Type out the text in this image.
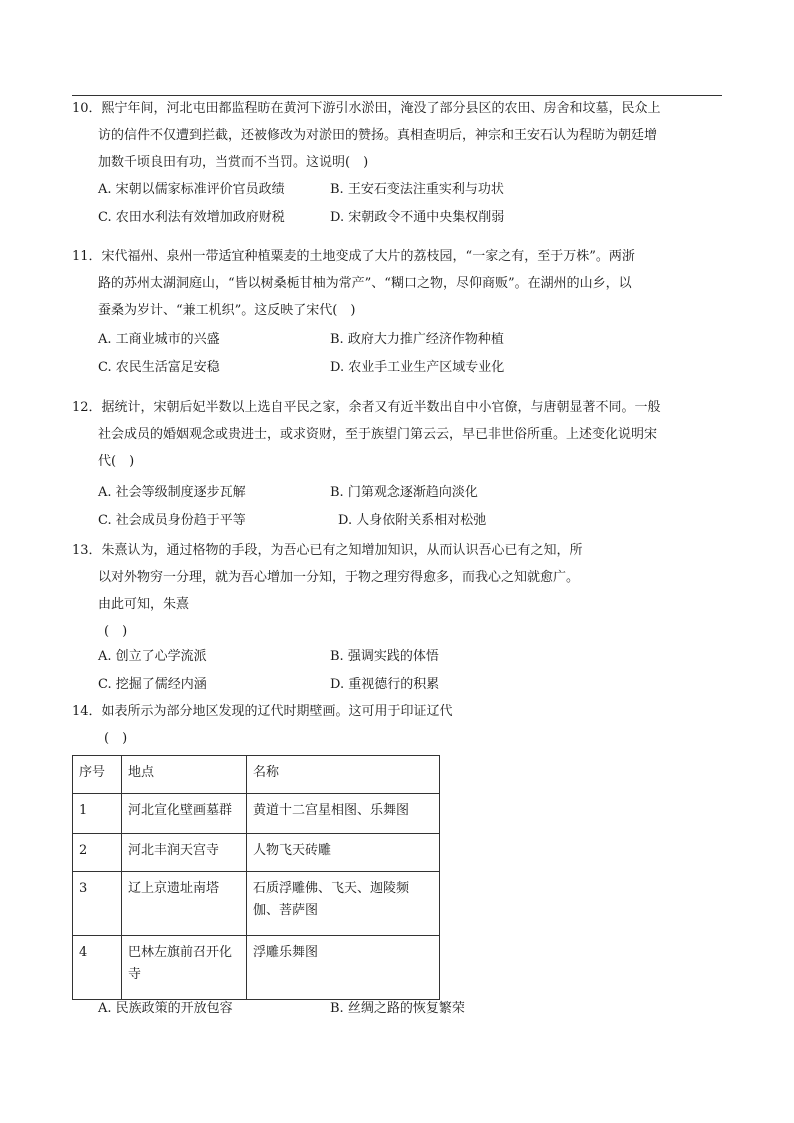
10．熙宁年间，河北屯田都监程昉在黄河下游引水淤田，淹没了部分县区的农田、房舍和坟墓，民众上
访的信件不仅遭到拦截，还被修改为对淤田的赞扬。真相查明后，神宗和王安石认为程昉为朝廷增
加数千顷良田有功，当赏而不当罚。这说明(　)
A. 宋朝以儒家标准评价官员政绩	B. 王安石变法注重实利与功状
C. 农田水利法有效增加政府财税	D. 宋朝政令不通中央集权削弱
11．宋代福州、泉州一带适宜种植粟麦的土地变成了大片的荔枝园，“一家之有，至于万株”。两浙
路的苏州太湖洞庭山，“皆以树桑栀甘柚为常产”、“糊口之物，尽仰商贩”。在湖州的山乡，以
蚕桑为岁计、“兼工机织”。这反映了宋代(　)
A. 工商业城市的兴盛	B. 政府大力推广经济作物种植
C. 农民生活富足安稳	D. 农业手工业生产区域专业化
12．据统计，宋朝后妃半数以上选自平民之家，余者又有近半数出自中小官僚，与唐朝显著不同。一般
社会成员的婚姻观念或贵进士，或求资财，至于族望门第云云，早已非世俗所重。上述变化说明宋
代(　)
A. 社会等级制度逐步瓦解	B. 门第观念逐渐趋向淡化
C. 社会成员身份趋于平等	D. 人身依附关系相对松弛
13．朱熹认为，通过格物的手段，为吾心已有之知增加知识，从而认识吾心已有之知，所
以对外物穷一分理，就为吾心增加一分知，于物之理穷得愈多，而我心之知就愈广。
由此可知，朱熹
(　)
A. 创立了心学流派	B. 强调实践的体悟
C. 挖掘了儒经内涵	D. 重视德行的积累
14．如表所示为部分地区发现的辽代时期壁画。这可用于印证辽代
(　)
序号	地点	名称
1	河北宣化壁画墓群	黄道十二宫星相图、乐舞图
2	河北丰润天宫寺	人物飞天砖雕
3	辽上京遗址南塔	石质浮雕佛、飞天、迦陵频伽、菩萨图
4	巴林左旗前召开化寺	浮雕乐舞图
A. 民族政策的开放包容	B. 丝绸之路的恢复繁荣
